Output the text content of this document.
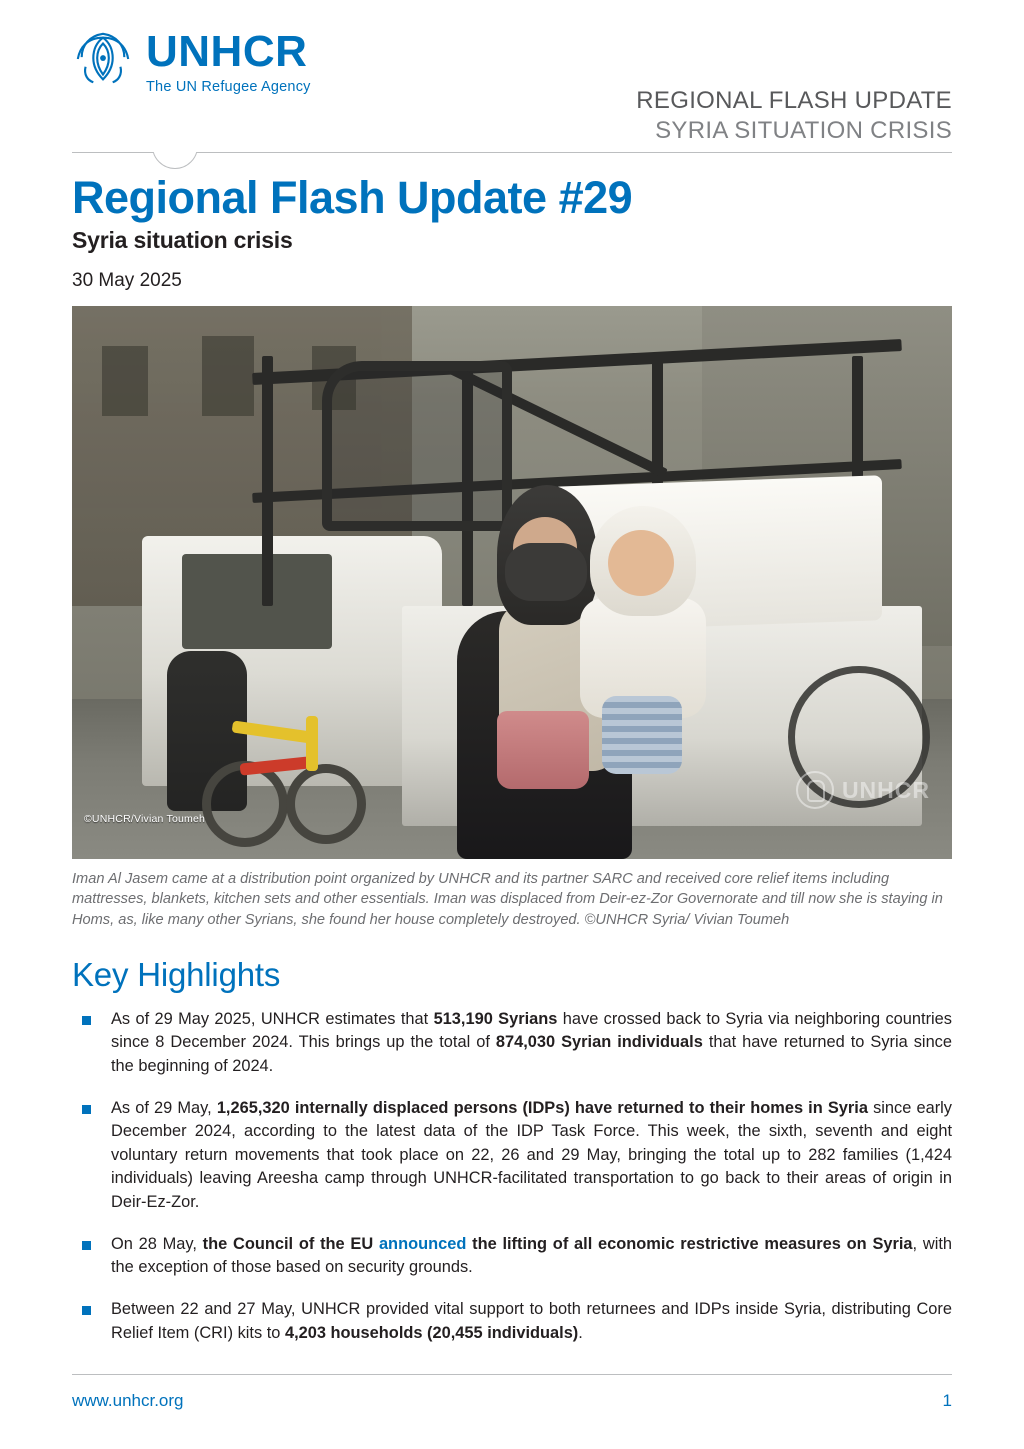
UNHCR
The UN Refugee Agency	REGIONAL FLASH UPDATE
SYRIA SITUATION CRISIS
Regional Flash Update #29
Syria situation crisis
30 May 2025
©UNHCR/Vivian Toumeh
UNHCR
Iman Al Jasem came at a distribution point organized by UNHCR and its partner SARC and received core relief items including mattresses, blankets, kitchen sets and other essentials. Iman was displaced from Deir-ez-Zor Governorate and till now she is staying in Homs, as, like many other Syrians, she found her house completely destroyed. ©UNHCR Syria/ Vivian Toumeh
Key Highlights
As of 29 May 2025, UNHCR estimates that 513,190 Syrians have crossed back to Syria via neighboring countries since 8 December 2024. This brings up the total of 874,030 Syrian individuals that have returned to Syria since the beginning of 2024.
As of 29 May, 1,265,320 internally displaced persons (IDPs) have returned to their homes in Syria since early December 2024, according to the latest data of the IDP Task Force. This week, the sixth, seventh and eight voluntary return movements that took place on 22, 26 and 29 May, bringing the total up to 282 families (1,424 individuals) leaving Areesha camp through UNHCR-facilitated transportation to go back to their areas of origin in Deir-Ez-Zor.
On 28 May, the Council of the EU announced the lifting of all economic restrictive measures on Syria, with the exception of those based on security grounds.
Between 22 and 27 May, UNHCR provided vital support to both returnees and IDPs inside Syria, distributing Core Relief Item (CRI) kits to 4,203 households (20,455 individuals).
www.unhcr.org	1
